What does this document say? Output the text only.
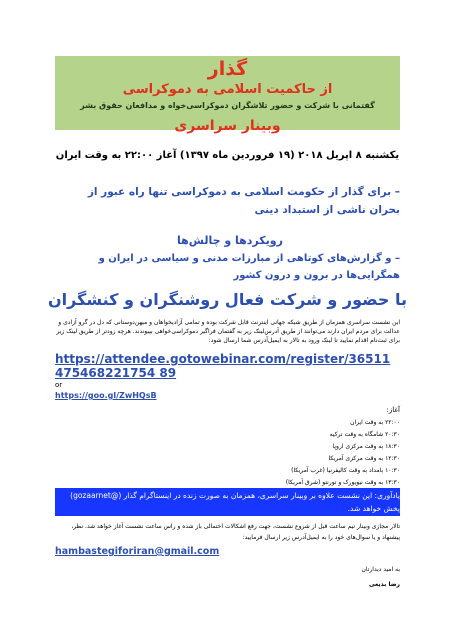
گذار
از حاکمیت اسلامی به دموکراسی
گفتمانی با شرکت و حضور تلاشگران دموکراسی‌خواه و مدافعان حقوق بشر
وبینار سراسری
یکشنبه ۸ اپریل ۲۰۱۸ (۱۹ فروردین ماه ۱۳۹۷) آغاز ۲۲:۰۰ به وقت ایران
– برای گذار از حکومت اسلامی به دموکراسی تنها راه عبور از بحران ناشی از استبداد دینی
رویکردها و چالش‌ها
– و گزارش‌های کوتاهی از مبارزات مدنی و سیاسی در ایران و همگرایی‌ها در برون و درون کشور
با حضور و شرکت فعال روشنگران و کنشگران
این نشست سراسری همزمان از طریق شبکه جهانی اینترنت قابل شرکت بوده و تمامی آزادیخواهان و میهن‌دوستانی که دل در گرو آزادی و عدالت برای مردم ایران دارند می‌توانند از طریق آدرس‌لینک زیر به گفتمان فراگیر دموکراسی‌خواهی بپیوندند. هرچه زودتر از طریق لینک زیر برای ثبت‌نام اقدام نمایید تا لینک ورود به تالار به ایمیل‌آدرس شما ارسال شود:
https://attendee.gotowebinar.com/register/36511475468221754 89
or
https://goo.gl/ZwHQsB
آغاز:
۲۲:۰۰ به وقت ایران
۲۰:۳۰ شامگاه به وقت ترکیه
۱۸:۳۰ به وقت مرکزی اروپا
۱۲:۳۰ به وقت مرکزی آمریکا
۱۰:۳۰ بامداد به وقت کالیفرنیا (غرب آمریکا)
۱۳:۳۰ به وقت نیویورک و تورنتو (شرق آمریکا)
یادآوری: این نشست علاوه بر وبینار سراسری، همزمان به صورت زنده در اینستاگرام گذار (@gozaarnet) پخش خواهد شد.
تالار مجازی وبینار نیم ساعت قبل از شروع نشست، جهت رفع اشکالات احتمالی باز شده و راس ساعت نشست آغاز خواهد شد. نظر، پیشنهاد و یا سوال‌های خود را به ایمیل‌آدرس زیر ارسال فرمایید:
hambastegiforiran@gmail.com
به امید دیدارتان
رضا بدیعی
